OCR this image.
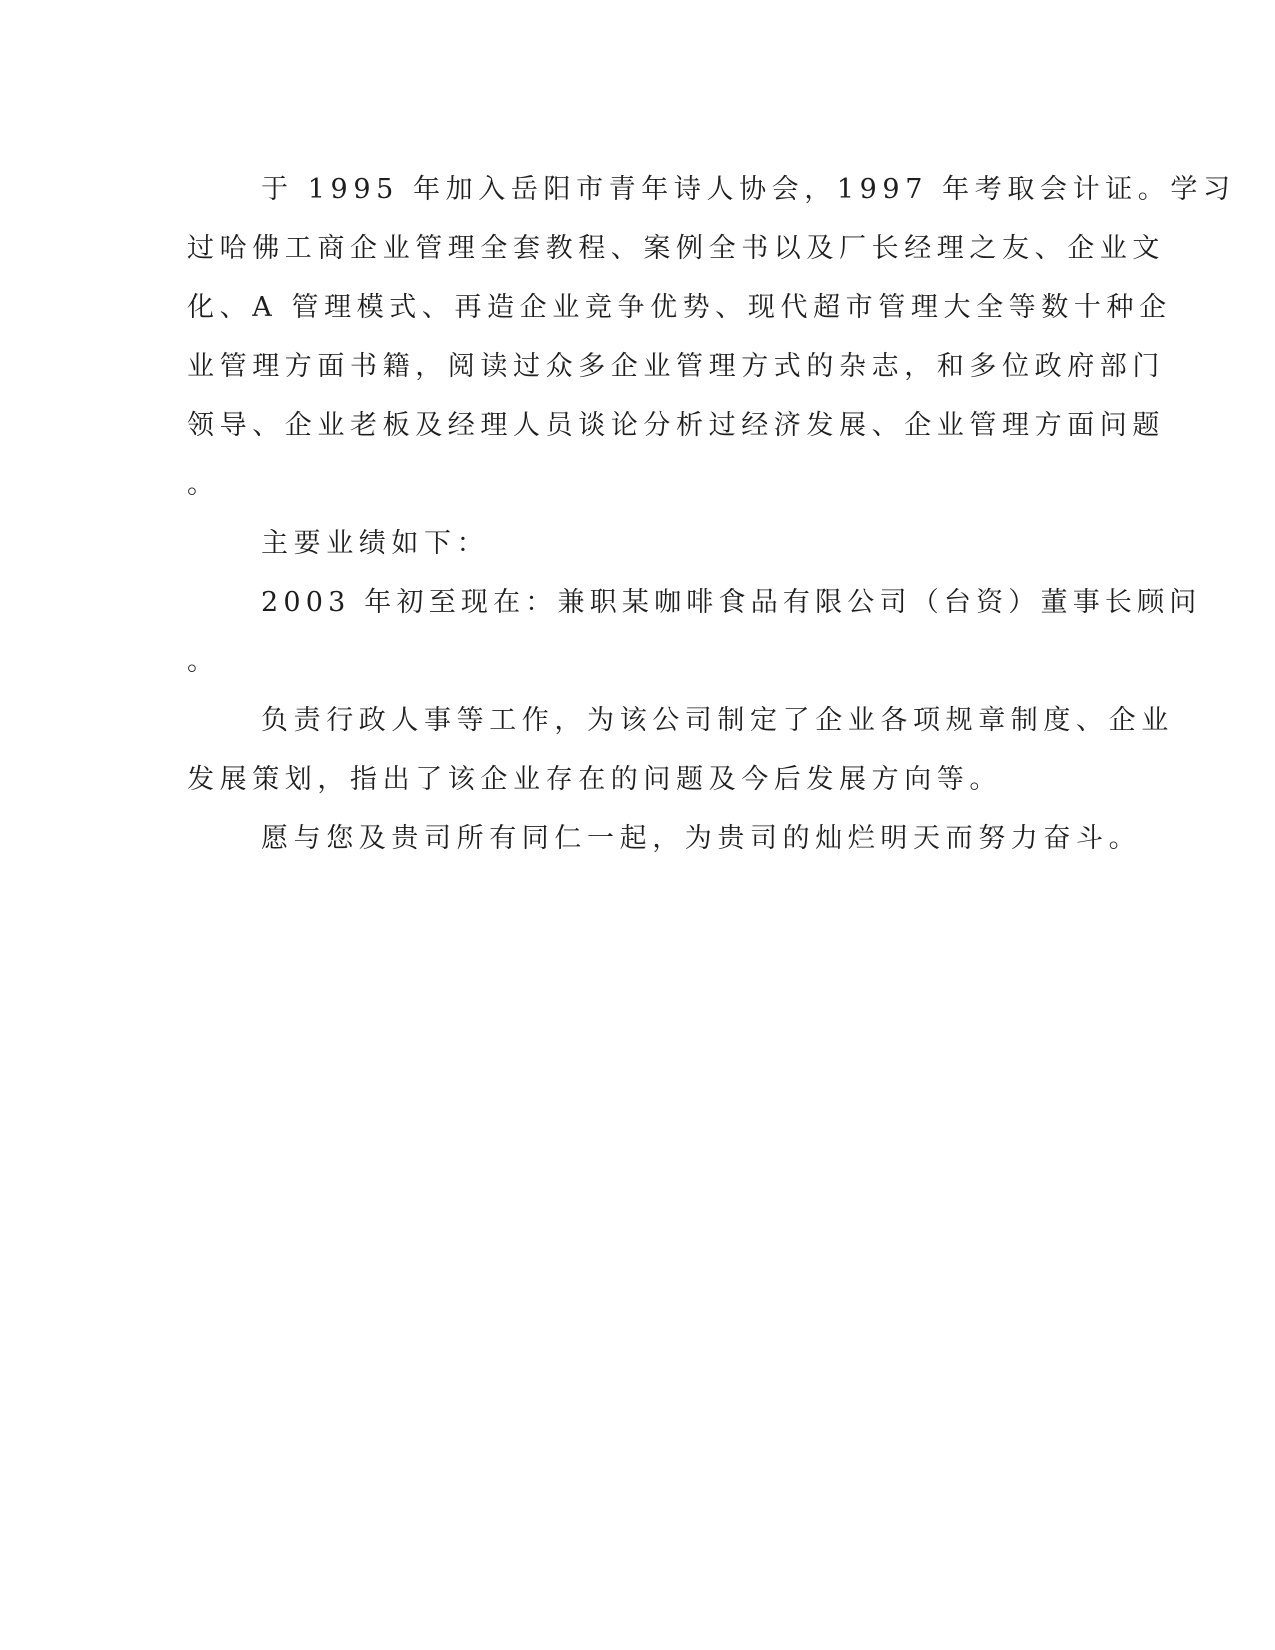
于 1995 年加入岳阳市青年诗人协会，1997 年考取会计证。学习
过哈佛工商企业管理全套教程、案例全书以及厂长经理之友、企业文
化、A 管理模式、再造企业竞争优势、现代超市管理大全等数十种企
业管理方面书籍，阅读过众多企业管理方式的杂志，和多位政府部门
领导、企业老板及经理人员谈论分析过经济发展、企业管理方面问题
。
主要业绩如下：
2003 年初至现在：兼职某咖啡食品有限公司（台资）董事长顾问
。
负责行政人事等工作，为该公司制定了企业各项规章制度、企业
发展策划，指出了该企业存在的问题及今后发展方向等。
愿与您及贵司所有同仁一起，为贵司的灿烂明天而努力奋斗。
